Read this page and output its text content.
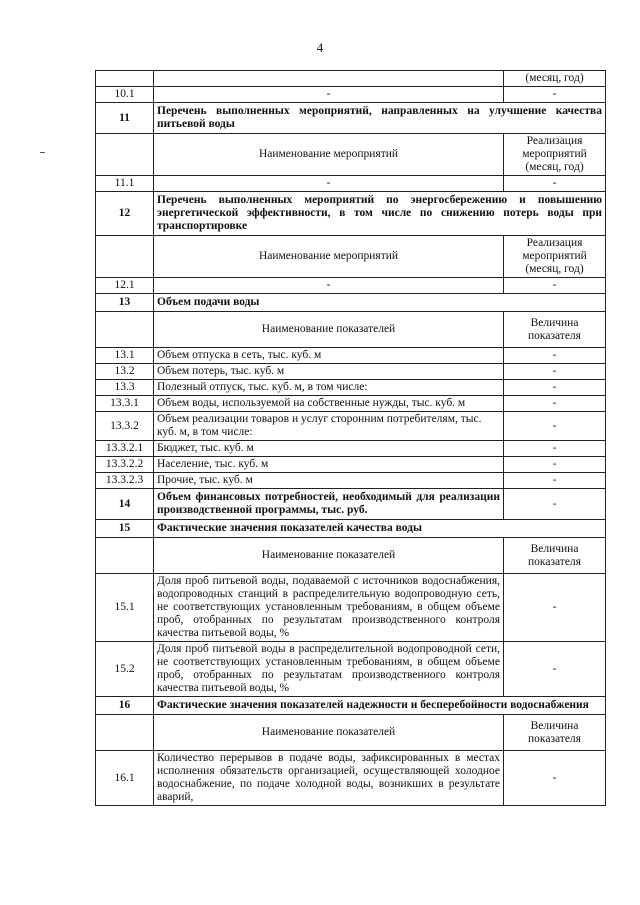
4
		(месяц, год)
10.1	-	-
11	Перечень выполненных мероприятий, направленных на улучшение качества питьевой воды	
	Наименование мероприятий	Реализация мероприятий (месяц, год)
11.1	-	-
12	Перечень выполненных мероприятий по энергосбережению и повышению энергетической эффективности, в том числе по снижению потерь воды при транспортировке	
	Наименование мероприятий	Реализация мероприятий (месяц, год)
12.1	-	-
13	Объем подачи воды	
	Наименование показателей	Величина показателя
13.1	Объем отпуска в сеть, тыс. куб. м	-
13.2	Объем потерь, тыс. куб. м	-
13.3	Полезный отпуск, тыс. куб. м, в том числе:	-
13.3.1	Объем воды, используемой на собственные нужды, тыс. куб. м	-
13.3.2	Объем реализации товаров и услуг сторонним потребителям, тыс. куб. м, в том числе:	-
13.3.2.1	Бюджет, тыс. куб. м	-
13.3.2.2	Население, тыс. куб. м	-
13.3.2.3	Прочие, тыс. куб. м	-
14	Объем финансовых потребностей, необходимый для реализации производственной программы, тыс. руб.	-
15	Фактические значения показателей качества воды	
	Наименование показателей	Величина показателя
15.1	Доля проб питьевой воды, подаваемой с источников водоснабжения, водопроводных станций в распределительную водопроводную сеть, не соответствующих установленным требованиям, в общем объеме проб, отобранных по результатам производственного контроля качества питьевой воды, %	-
15.2	Доля проб питьевой воды в распределительной водопроводной сети, не соответствующих установленным требованиям, в общем объеме проб, отобранных по результатам производственного контроля качества питьевой воды, %	-
16	Фактические значения показателей надежности и бесперебойности водоснабжения	
	Наименование показателей	Величина показателя
16.1	Количество перерывов в подаче воды, зафиксированных в местах исполнения обязательств организацией, осуществляющей холодное водоснабжение, по подаче холодной воды, возникших в результате аварий,	-
